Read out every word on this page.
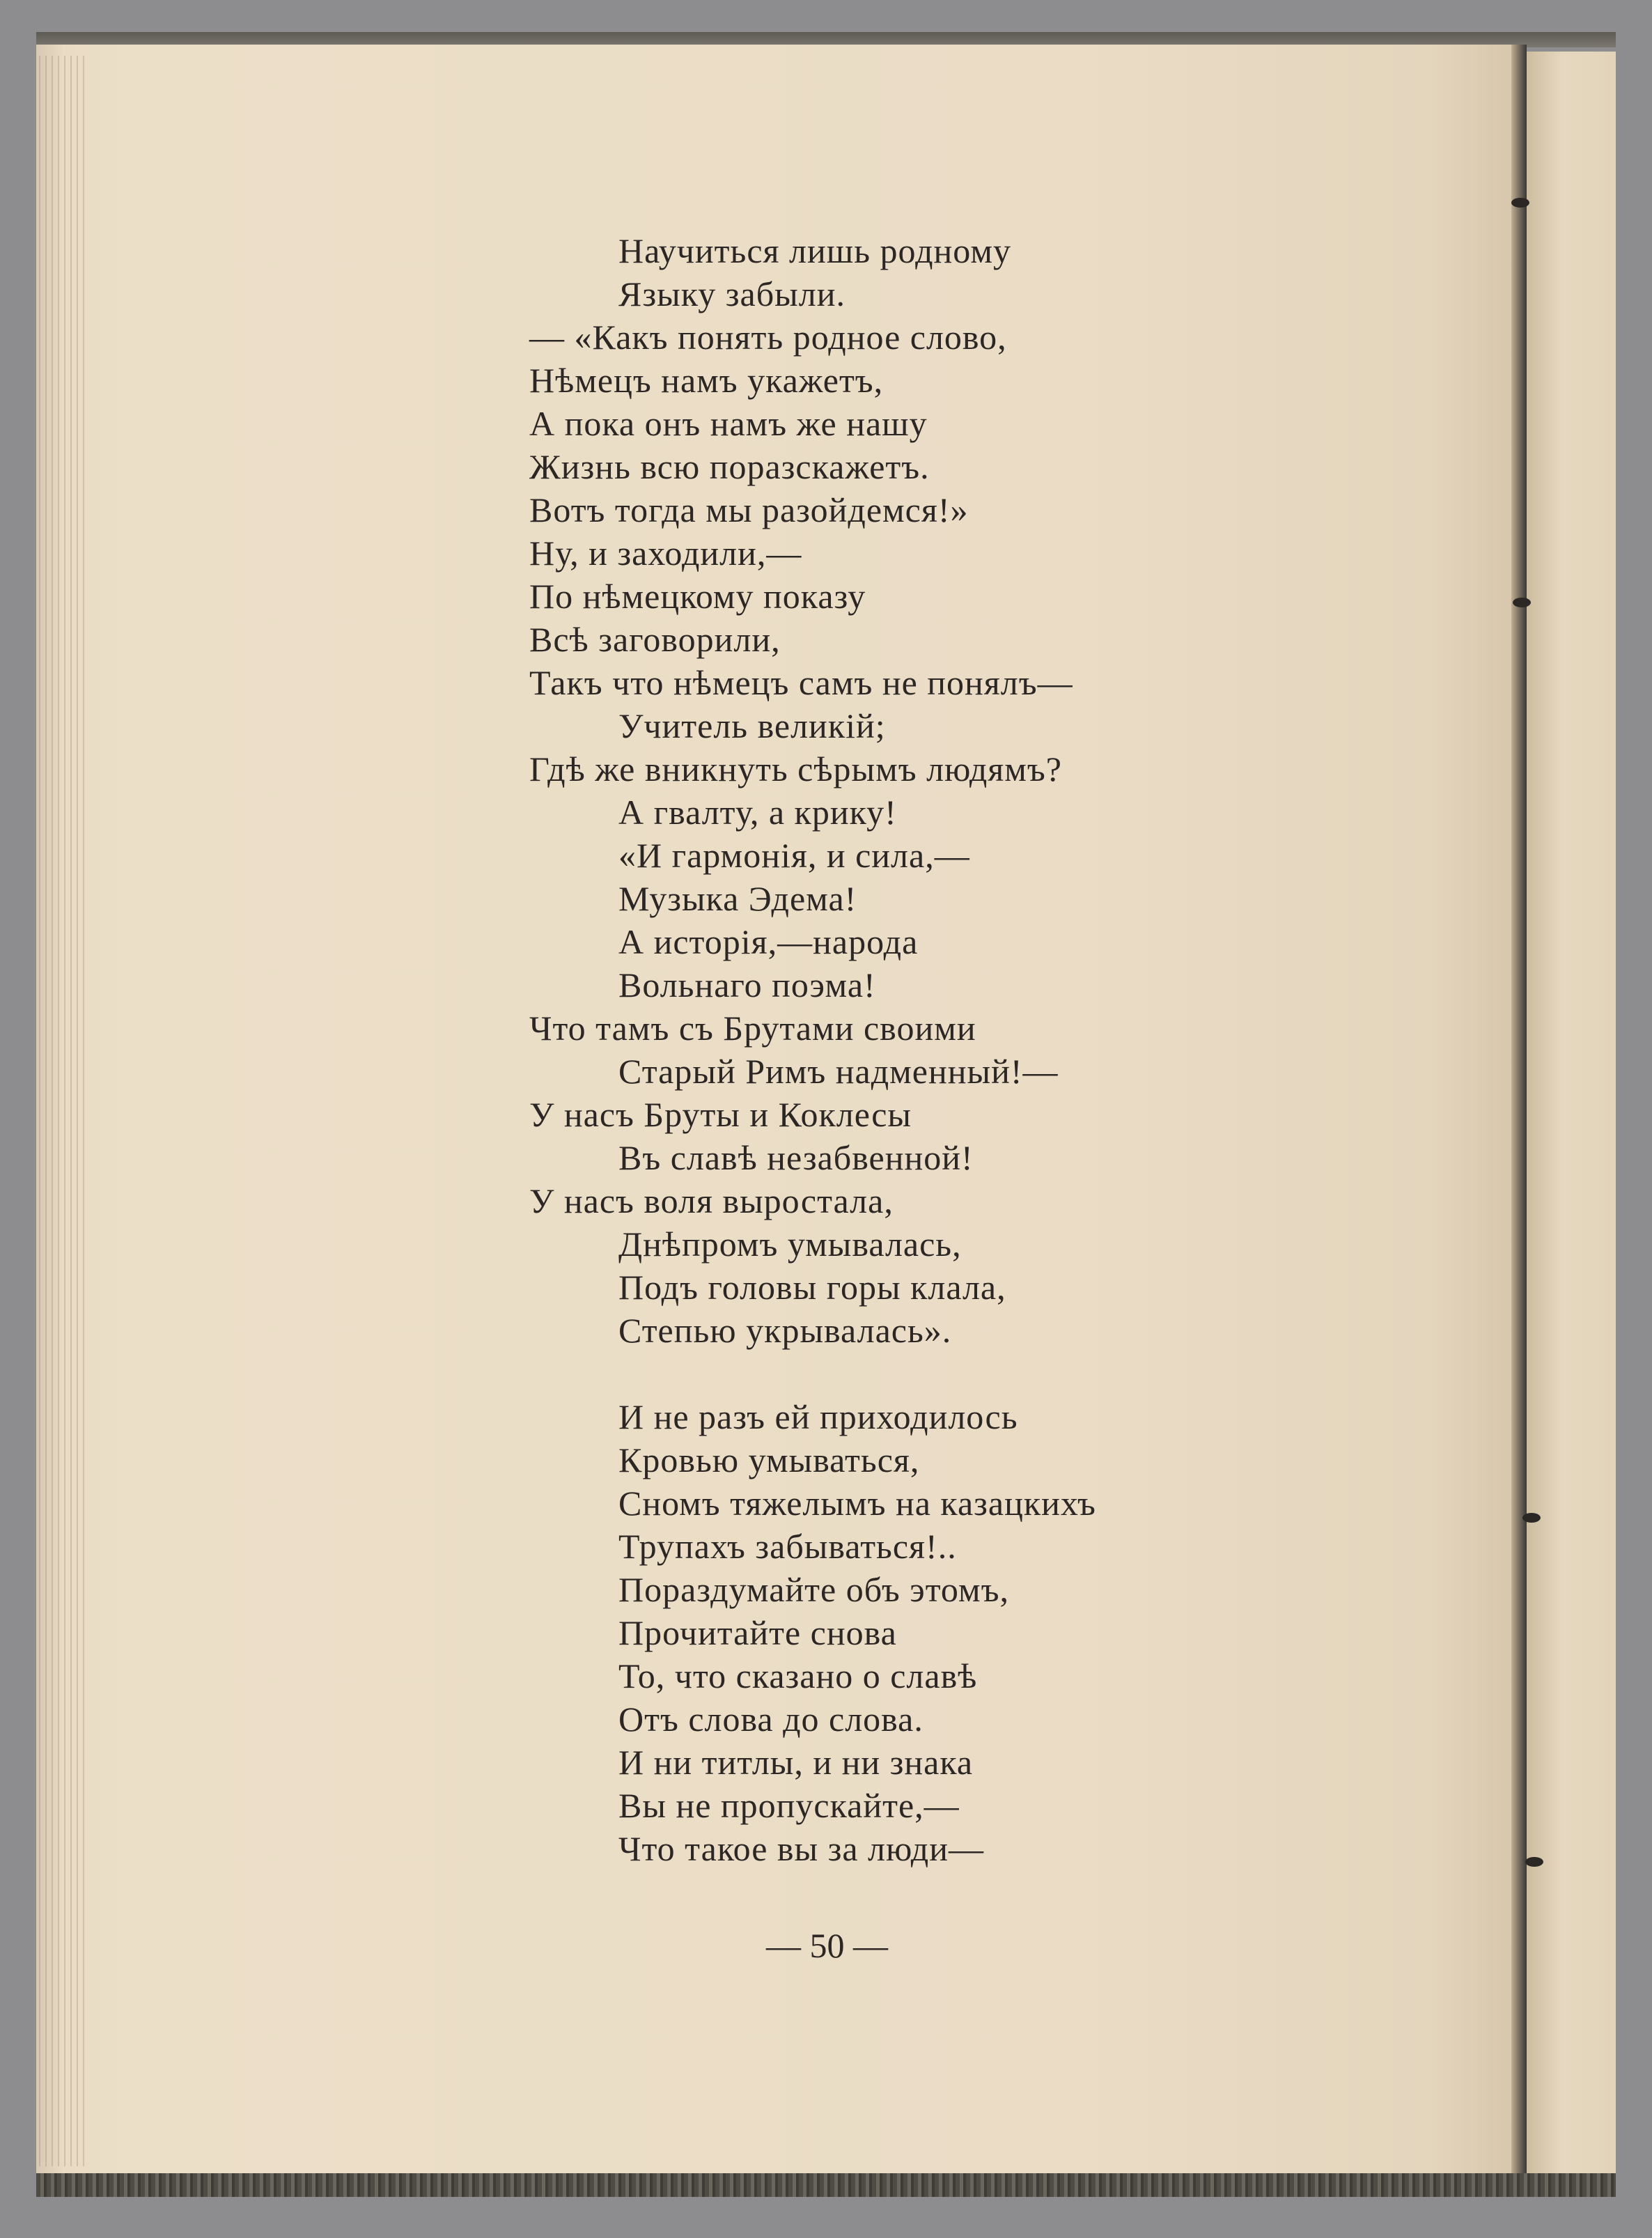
Научиться лишь родному
Языку забыли.
— «Какъ понять родное слово,
Нѣмецъ намъ укажетъ,
А пока онъ намъ же нашу
Жизнь всю поразскажетъ.
Вотъ тогда мы разойдемся!»
Ну, и заходили,—
По нѣмецкому показу
Всѣ заговорили,
Такъ что нѣмецъ самъ не понялъ—
Учитель великій;
Гдѣ же вникнуть сѣрымъ людямъ?
А гвалту, а крику!
«И гармонія, и сила,—
Музыка Эдема!
А исторія,—народа
Вольнаго поэма!
Что тамъ съ Брутами своими
Старый Римъ надменный!—
У насъ Бруты и Коклесы
Въ славѣ незабвенной!
У насъ воля выростала,
Днѣпромъ умывалась,
Подъ головы горы клала,
Степью укрывалась».
И не разъ ей приходилось
Кровью умываться,
Сномъ тяжелымъ на казацкихъ
Трупахъ забываться!..
Пораздумайте объ этомъ,
Прочитайте снова
То, что сказано о славѣ
Отъ слова до слова.
И ни титлы, и ни знака
Вы не пропускайте,—
Что такое вы за люди—
— 50 —
